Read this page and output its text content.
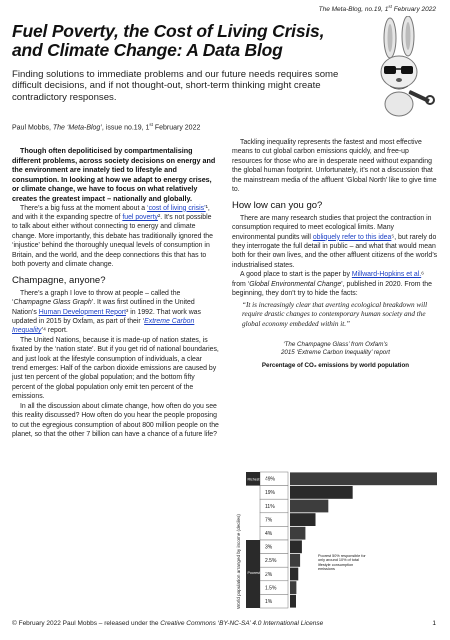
The Meta-Blog, no.19, 1st February 2022
Fuel Poverty, the Cost of Living Crisis, and Climate Change: A Data Blog
Finding solutions to immediate problems and our future needs requires some difficult decisions, and if not thought-out, short-term thinking might create contradictory responses.
Paul Mobbs, The ‘Meta-Blog’, issue no.19, 1st February 2022

Though often depoliticised by compartmentalising different problems, across society decisions on energy and the environment are innately tied to lifestyle and consumption. In looking at how we adapt to energy crises, or climate change, we have to focus on what relatively creates the greatest impact – nationally and globally.

There’s a big fuss at the moment about a ‘cost of living crisis’¹, and with it the expanding spectre of fuel poverty². It’s not possible to talk about either without connecting to energy and climate change. More importantly, this debate has traditionally ignored the ‘injustice’ behind the thoroughly unequal levels of consumption in Britain, and the world, and the deep connections this that has to both poverty and climate change.

Champagne, anyone?

There’s a graph I love to throw at people – called the ‘Champagne Glass Graph’. It was first outlined in the United Nation’s Human Development Report³ in 1992. That work was updated in 2015 by Oxfam, as part of their ‘Extreme Carbon Inequality’⁴ report.

The United Nations, because it is made-up of nation states, is fixated by the ‘nation state’. But if you get rid of national boundaries, and just look at the lifestyle consumption of individuals, a clear trend emerges: Half of the carbon dioxide emissions are caused by just ten percent of the global population; and the bottom fifty percent of the global population only emit ten percent of the emissions.

In all the discussion about climate change, how often do you see this reality discussed? How often do you hear the people proposing to cut the egregious consumption of about 800 million people on the planet, so that the other 7 billion can have a chance of a future life?

Tackling inequality represents the fastest and most effective means to cut global carbon emissions quickly, and free-up resources for those who are in desperate need without expanding the global human footprint. Unfortunately, it’s not a discussion that the mainstream media of the affluent ‘Global North’ like to give time to.

How low can you go?

There are many research studies that project the contraction in consumption required to meet ecological limits. Many environmental pundits will obliquely refer to this idea⁵, but rarely do they interrogate the full detail in public – and what that would mean both for their own lives, and the other affluent citizens of the world’s industrialised states.

A good place to start is the paper by Millward-Hopkins et al.⁶ from ‘Global Environmental Change’, published in 2020. From the beginning, they don’t try to hide the facts:

“It is increasingly clear that averting ecological breakdown will require drastic changes to contemporary human society and the global economy embedded within it.”
‘The Champagne Glass’ from Oxfam’s
2015 ‘Extreme Carbon Inequality’ report
Percentage of CO₂ emissions by world population
World population arranged by income (deciles)
49%
19%
11%
7%
4%
3%
2.5%
2%
1.5%
1%
Richest 10%
Poorest 50%
Richest 10% responsible for almost half of total lifestyle consumption emissions
Poorest 50% responsible for only around 10% of total lifestyle consumption emissions
© February 2022 Paul Mobbs – released under the Creative Commons ‘BY-NC-SA’ 4.0 International License	1
